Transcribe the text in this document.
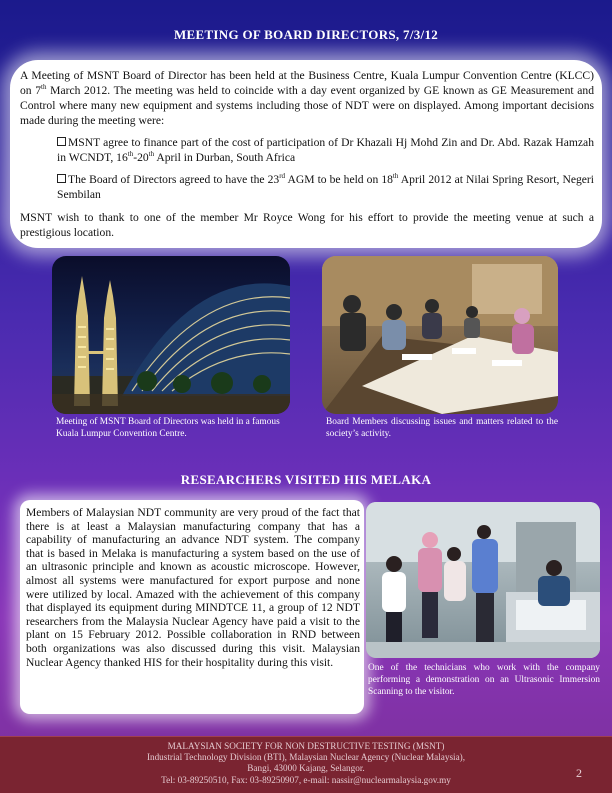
MEETING OF BOARD DIRECTORS, 7/3/12

A Meeting of MSNT Board of Director has been held at the Business Centre, Kuala Lumpur Convention Centre (KLCC) on 7th March 2012. The meeting was held to coincide with a day event organized by GE known as GE Measurement and Control where many new equipment and systems including those of NDT were on displayed. Among important decisions made during the meeting were:

MSNT agree to finance part of the cost of participation of Dr Khazali Hj Mohd Zin and Dr. Abd. Razak Hamzah in WCNDT, 16th-20th April in Durban, South Africa

The Board of Directors agreed to have the 23rd AGM to be held on 18th April 2012 at Nilai Spring Resort, Negeri Sembilan

MSNT wish to thank to one of the member Mr Royce Wong for his effort to provide the meeting venue at such a prestigious location.

Meeting of MSNT Board of Directors was held in a famous Kuala Lumpur Convention Centre.
Board Members discussing issues and matters related to the society’s activity.
RESEARCHERS VISITED HIS MELAKA
Members of Malaysian NDT community are very proud of the fact that there is at least a Malaysian manufacturing company that has a capability of manufacturing an advance NDT system. The company that is based in Melaka is manufacturing a system based on the use of an ultrasonic principle and known as acoustic microscope. However, almost all systems were manufactured for export purpose and none were utilized by local. Amazed with the achievement of this company that displayed its equipment during MINDTCE 11, a group of 12 NDT researchers from the Malaysia Nuclear Agency have paid a visit to the plant on 15 February 2012. Possible collaboration in RND between both organizations was also discussed during this visit. Malaysian Nuclear Agency thanked HIS for their hospitality during this visit.	One of the technicians who work with the company performing a demonstration on an Ultrasonic Immersion Scanning to the visitor.
MALAYSIAN SOCIETY FOR NON DESTRUCTIVE TESTING (MSNT)
Industrial Technology Division (BTI), Malaysian Nuclear Agency (Nuclear Malaysia),
Bangi, 43000 Kajang, Selangor.
Tel: 03-89250510, Fax: 03-89250907, e-mail: nassir@nuclearmalaysia.gov.my	2
